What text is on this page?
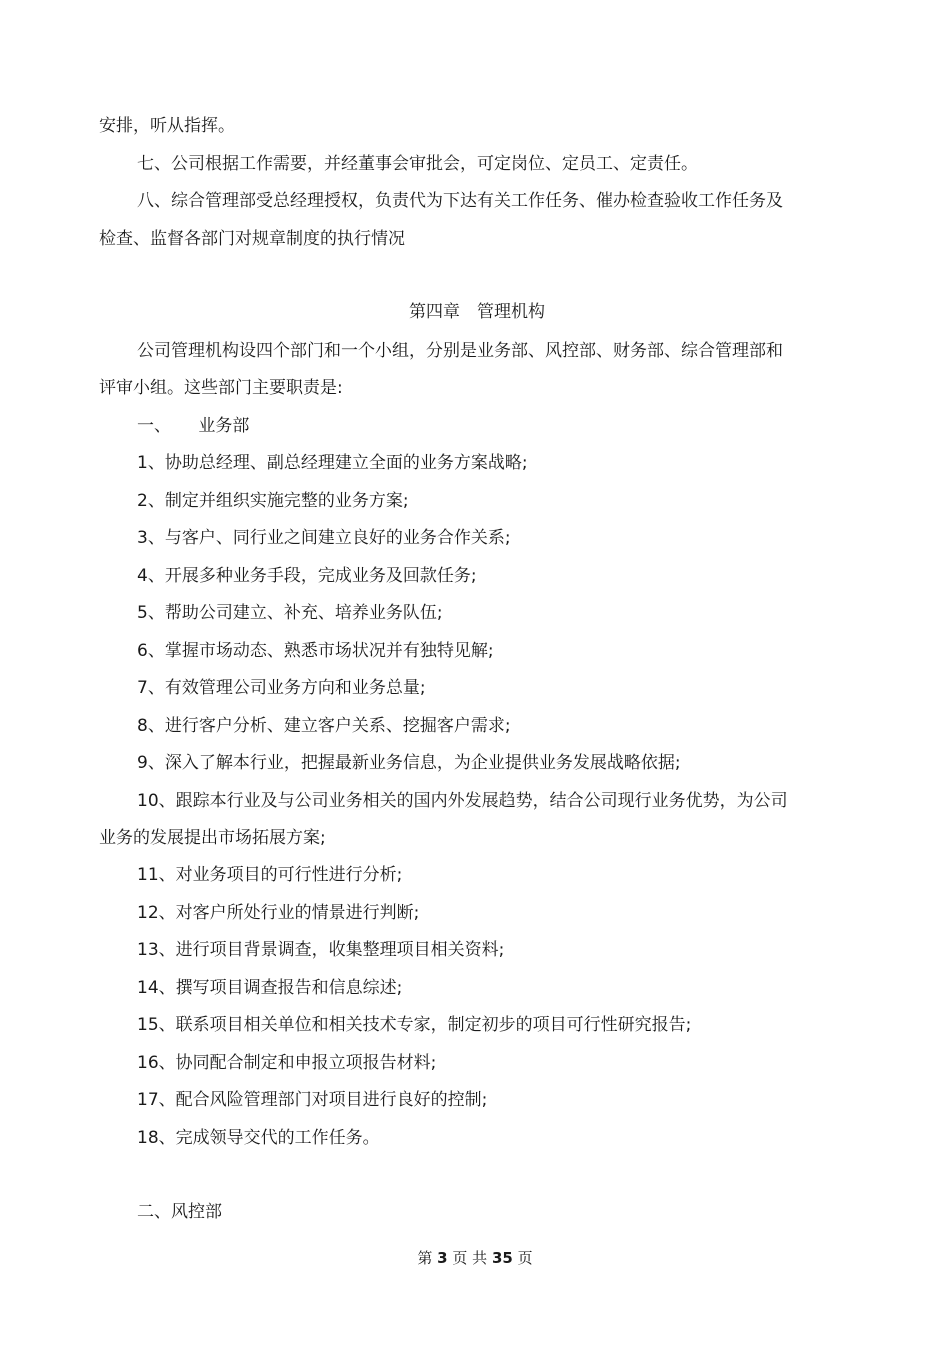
安排，听从指挥。
七、公司根据工作需要，并经董事会审批会，可定岗位、定员工、定责任。
八、综合管理部受总经理授权，负责代为下达有关工作任务、催办检查验收工作任务及
检查、监督各部门对规章制度的执行情况
第四章　管理机构
公司管理机构设四个部门和一个小组，分别是业务部、风控部、财务部、综合管理部和
评审小组。这些部门主要职责是:
一、 业务部
1、协助总经理、副总经理建立全面的业务方案战略;
2、制定并组织实施完整的业务方案;
3、与客户、同行业之间建立良好的业务合作关系;
4、开展多种业务手段，完成业务及回款任务;
5、帮助公司建立、补充、培养业务队伍;
6、掌握市场动态、熟悉市场状况并有独特见解;
7、有效管理公司业务方向和业务总量;
8、进行客户分析、建立客户关系、挖掘客户需求;
9、深入了解本行业，把握最新业务信息，为企业提供业务发展战略依据;
10、跟踪本行业及与公司业务相关的国内外发展趋势，结合公司现行业务优势，为公司
业务的发展提出市场拓展方案;
11、对业务项目的可行性进行分析;
12、对客户所处行业的情景进行判断;
13、进行项目背景调查，收集整理项目相关资料;
14、撰写项目调查报告和信息综述;
15、联系项目相关单位和相关技术专家，制定初步的项目可行性研究报告;
16、协同配合制定和申报立项报告材料;
17、配合风险管理部门对项目进行良好的控制;
18、完成领导交代的工作任务。
二、风控部
第 3 页 共 35 页
